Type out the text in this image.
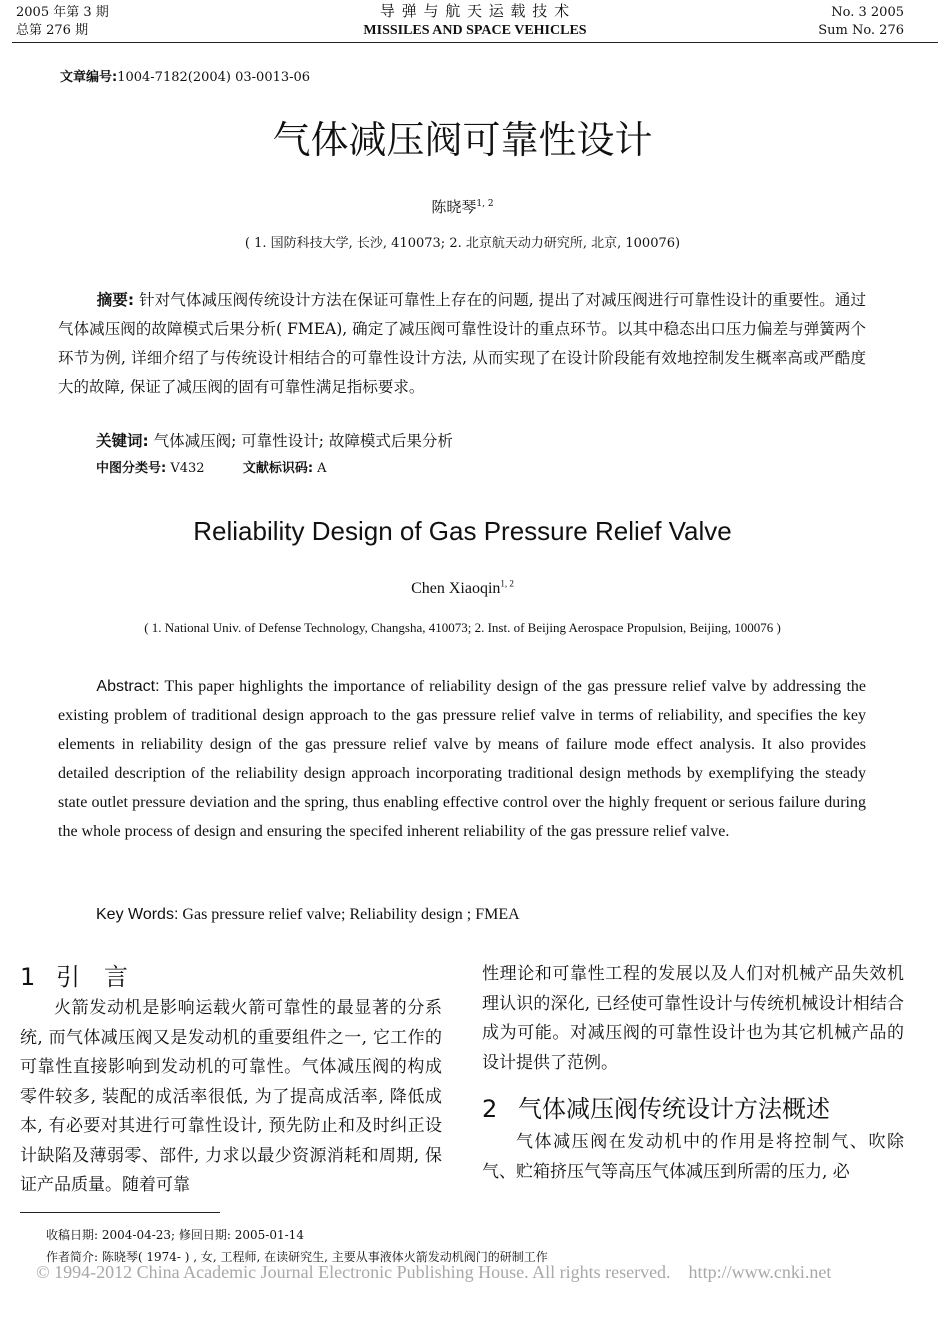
2005 年第 3 期
总第 276 期
导 弹 与 航 天 运 载 技 术
MISSILES AND SPACE VEHICLES
No. 3 2005
Sum No. 276
文章编号:1004-7182(2004) 03-0013-06
气体减压阀可靠性设计
陈晓琴$^{1, 2}$
( 1. 国防科技大学, 长沙, 410073; 2. 北京航天动力研究所, 北京, 100076)
摘要: 针对气体减压阀传统设计方法在保证可靠性上存在的问题, 提出了对减压阀进行可靠性设计的重要性。通过气体减压阀的故障模式后果分析( FMEA), 确定了减压阀可靠性设计的重点环节。以其中稳态出口压力偏差与弹簧两个环节为例, 详细介绍了与传统设计相结合的可靠性设计方法, 从而实现了在设计阶段能有效地控制发生概率高或严酷度大的故障, 保证了减压阀的固有可靠性满足指标要求。
关键词: 气体减压阀; 可靠性设计; 故障模式后果分析
中图分类号: V432	文献标识码: A
Reliability Design of Gas Pressure Relief Valve
Chen Xiaoqin$^{1, 2}$
( 1. National Univ. of Defense Technology, Changsha, 410073; 2. Inst. of Beijing Aerospace Propulsion, Beijing, 100076 )
Abstract: This paper highlights the importance of reliability design of the gas pressure relief valve by addressing the existing problem of traditional design approach to the gas pressure relief valve in terms of reliability, and specifies the key elements in reliability design of the gas pressure relief valve by means of failure mode effect analysis. It also provides detailed description of the reliability design approach incorporating traditional design methods by exemplifying the steady state outlet pressure deviation and the spring, thus enabling effective control over the highly frequent or serious failure during the whole process of design and ensuring the specifed inherent reliability of the gas pressure relief valve.
Key Words: Gas pressure relief valve; Reliability design ; FMEA
1 引　言
火箭发动机是影响运载火箭可靠性的最显著的分系统, 而气体减压阀又是发动机的重要组件之一, 它工作的可靠性直接影响到发动机的可靠性。气体减压阀的构成零件较多, 装配的成活率很低, 为了提高成活率, 降低成本, 有必要对其进行可靠性设计, 预先防止和及时纠正设计缺陷及薄弱零、部件, 力求以最少资源消耗和周期, 保证产品质量。随着可靠
性理论和可靠性工程的发展以及人们对机械产品失效机理认识的深化, 已经使可靠性设计与传统机械设计相结合成为可能。对减压阀的可靠性设计也为其它机械产品的设计提供了范例。
2 气体减压阀传统设计方法概述
气体减压阀在发动机中的作用是将控制气、吹除气、贮箱挤压气等高压气体减压到所需的压力, 必
收稿日期: 2004-04-23; 修回日期: 2005-01-14
作者简介: 陈晓琴( 1974- ) , 女, 工程师, 在读研究生, 主要从事液体火箭发动机阀门的研制工作
© 1994-2012 China Academic Journal Electronic Publishing House. All rights reserved.    http://www.cnki.net
